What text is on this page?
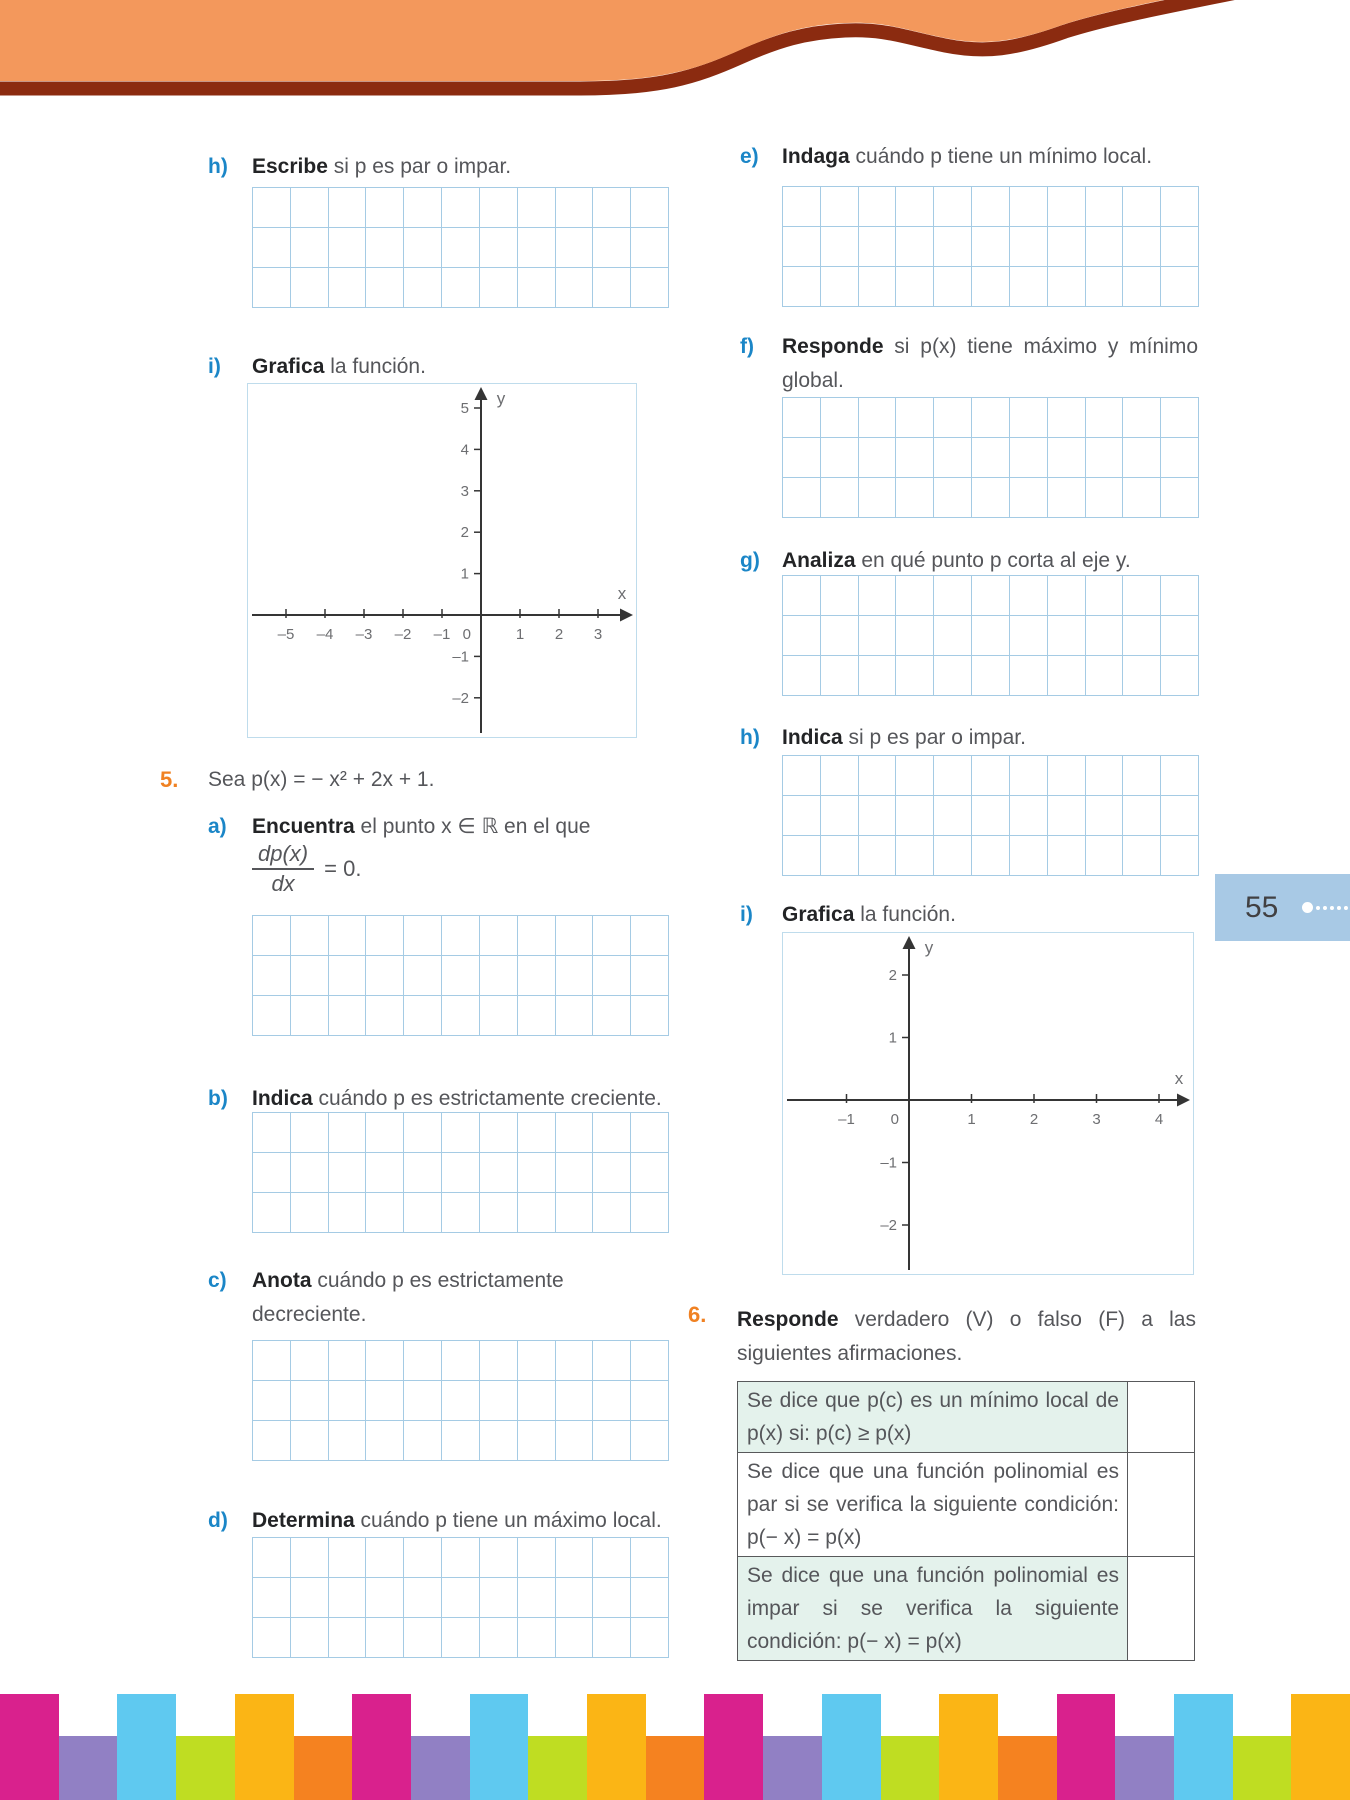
h) Escribe si p es par o impar.
i) Grafica la función.
–5 –4 –3 –2 –1	1 2 3
–2
–1
1
2
3
4
5
0
x
y
5. Sea p(x) = − x² + 2x + 1.
a) Encuentra el punto x ∈ ℝ en el que
$\frac{dp(x)}{dx} = 0$.
b) Indica cuándo p es estrictamente creciente.
c) Anota cuándo p es estrictamente decreciente.
d) Determina cuándo p tiene un máximo local.
e) Indaga cuándo p tiene un mínimo local.
f) Responde si p(x) tiene máximo y mínimo global.
g) Analiza en qué punto p corta al eje y.
h) Indica si p es par o impar.
i) Grafica la función.
–1	1	2	3	4
–2
–1
1
2
0
x
y
6. Responde verdadero (V) o falso (F) a las siguientes afirmaciones.
Se dice que p(c) es un mínimo local de p(x) si: p(c) ≥ p(x)	
Se dice que una función polinomial es par si se verifica la siguiente condición: p(− x) = p(x)	
Se dice que una función polinomial es impar si se verifica la siguiente condición: p(− x) = p(x)	
55
